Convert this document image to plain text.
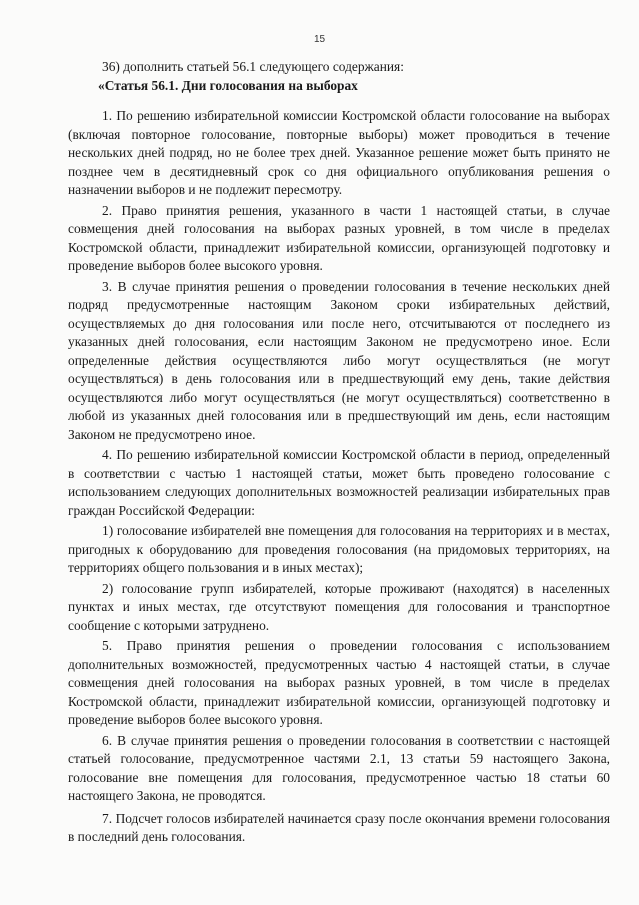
15

36) дополнить статьей 56.1 следующего содержания:

«Статья 56.1. Дни голосования на выборах

1. По решению избирательной комиссии Костромской области голосование на выборах (включая повторное голосование, повторные выборы) может проводиться в течение нескольких дней подряд, но не более трех дней. Указанное решение может быть принято не позднее чем в десятидневный срок со дня официального опубликования решения о назначении выборов и не подлежит пересмотру.

2. Право принятия решения, указанного в части 1 настоящей статьи, в случае совмещения дней голосования на выборах разных уровней, в том числе в пределах Костромской области, принадлежит избирательной комиссии, организующей подготовку и проведение выборов более высокого уровня.

3. В случае принятия решения о проведении голосования в течение нескольких дней подряд предусмотренные настоящим Законом сроки избирательных действий, осуществляемых до дня голосования или после него, отсчитываются от последнего из указанных дней голосования, если настоящим Законом не предусмотрено иное. Если определенные действия осуществляются либо могут осуществляться (не могут осуществляться) в день голосования или в предшествующий ему день, такие действия осуществляются либо могут осуществляться (не могут осуществляться) соответственно в любой из указанных дней голосования или в предшествующий им день, если настоящим Законом не предусмотрено иное.

4. По решению избирательной комиссии Костромской области в период, определенный в соответствии с частью 1 настоящей статьи, может быть проведено голосование с использованием следующих дополнительных возможностей реализации избирательных прав граждан Российской Федерации:

1) голосование избирателей вне помещения для голосования на территориях и в местах, пригодных к оборудованию для проведения голосования (на придомовых территориях, на территориях общего пользования и в иных местах);

2) голосование групп избирателей, которые проживают (находятся) в населенных пунктах и иных местах, где отсутствуют помещения для голосования и транспортное сообщение с которыми затруднено.

5. Право принятия решения о проведении голосования с использованием дополнительных возможностей, предусмотренных частью 4 настоящей статьи, в случае совмещения дней голосования на выборах разных уровней, в том числе в пределах Костромской области, принадлежит избирательной комиссии, организующей подготовку и проведение выборов более высокого уровня.

6. В случае принятия решения о проведении голосования в соответствии с настоящей статьей голосование, предусмотренное частями 2.1, 13 статьи 59 настоящего Закона, голосование вне помещения для голосования, предусмотренное частью 18 статьи 60 настоящего Закона, не проводятся.

7. Подсчет голосов избирателей начинается сразу после окончания времени голосования в последний день голосования.
